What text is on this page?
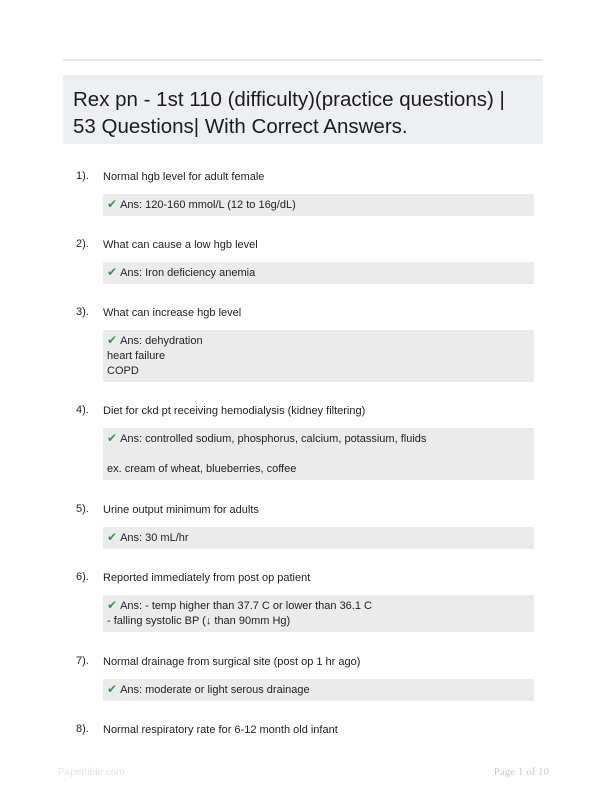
Rex pn - 1st 110 (difficulty)(practice questions) | 53 Questions| With Correct Answers.
1). Normal hgb level for adult female
✔ Ans: 120-160 mmol/L (12 to 16g/dL)
2). What can cause a low hgb level
✔ Ans: Iron deficiency anemia
3). What can increase hgb level
✔ Ans: dehydration
heart failure
COPD
4). Diet for ckd pt receiving hemodialysis (kidney filtering)
✔ Ans: controlled sodium, phosphorus, calcium, potassium, fluids
ex. cream of wheat, blueberries, coffee
5). Urine output minimum for adults
✔ Ans: 30 mL/hr
6). Reported immediately from post op patient
✔ Ans: - temp higher than 37.7 C or lower than 36.1 C
- falling systolic BP (↓ than 90mm Hg)
7). Normal drainage from surgical site (post op 1 hr ago)
✔ Ans: moderate or light serous drainage
8). Normal respiratory rate for 6-12 month old infant
Papertible.com	Page 1 of 10
